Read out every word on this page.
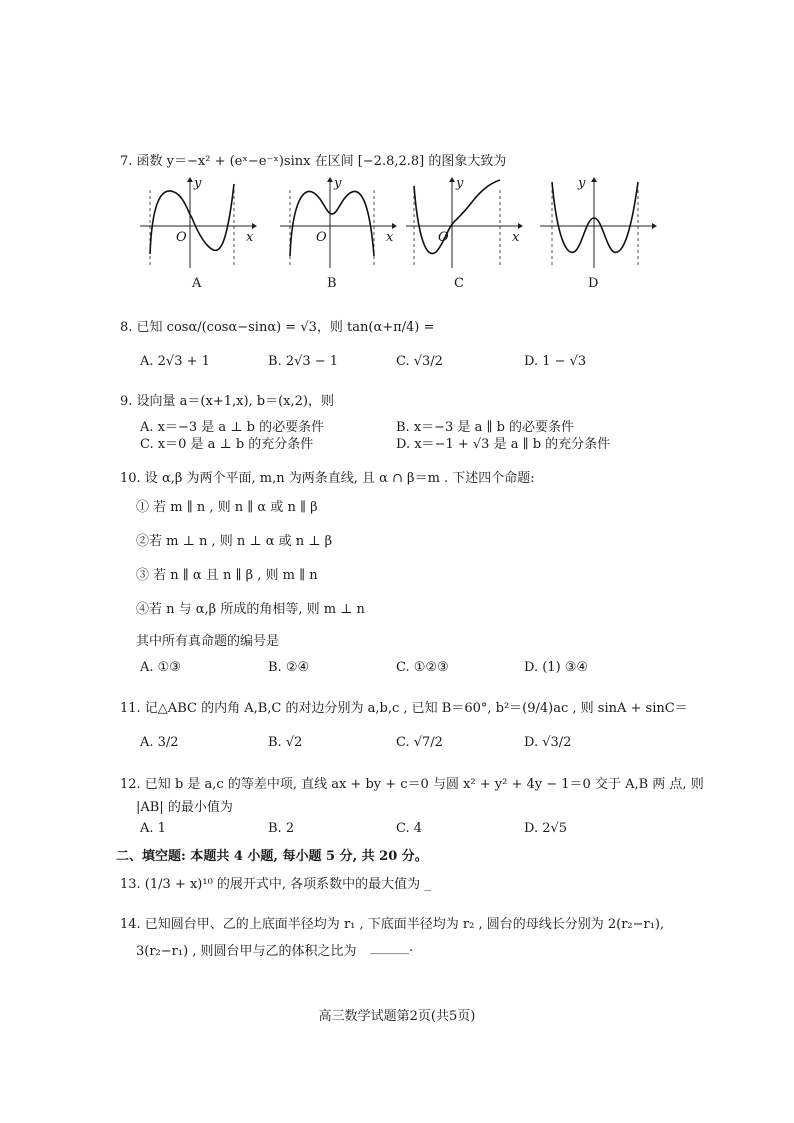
7. 函数 y＝−x² + (eˣ−e⁻ˣ)sinx 在区间 [−2.8,2.8] 的图象大致为
y
x
O
A
y
x
O
B
y
x
O
C
y
D
8. 已知 cosα/(cosα−sinα) = √3，则 tan(α+π/4) =
A. 2√3 + 1	B. 2√3 − 1	C. √3/2	D. 1 − √3
9. 设向量 a＝(x+1,x), b＝(x,2)，则
A. x＝−3 是 a ⊥ b 的必要条件	B. x＝−3 是 a ∥ b 的必要条件
C. x＝0 是 a ⊥ b 的充分条件	D. x＝−1 + √3 是 a ∥ b 的充分条件
10. 设 α,β 为两个平面, m,n 为两条直线, 且 α ∩ β＝m . 下述四个命题:
① 若 m ∥ n , 则 n ∥ α 或 n ∥ β
②若 m ⊥ n , 则 n ⊥ α 或 n ⊥ β
③ 若 n ∥ α 且 n ∥ β , 则 m ∥ n
④若 n 与 α,β 所成的角相等, 则 m ⊥ n
其中所有真命题的编号是
A. ①③	B. ②④	C. ①②③	D. (1) ③④
11. 记△ABC 的内角 A,B,C 的对边分别为 a,b,c , 已知 B＝60°, b²＝(9/4)ac , 则 sinA + sinC＝
A. 3/2	B. √2	C. √7/2	D. √3/2
12. 已知 b 是 a,c 的等差中项, 直线 ax + by + c＝0 与圆 x² + y² + 4y − 1＝0 交于 A,B 两 点, 则
|AB| 的最小值为
A. 1	B. 2	C. 4	D. 2√5
二、填空题: 本题共 4 小题, 每小题 5 分, 共 20 分。
13. (1/3 + x)¹⁰ 的展开式中, 各项系数中的最大值为 _
14. 已知圆台甲、乙的上底面半径均为 r₁ , 下底面半径均为 r₂ , 圆台的母线长分别为 2(r₂−r₁),
3(r₂−r₁) , 则圆台甲与乙的体积之比为 ______.
高三数学试题第2页(共5页)
